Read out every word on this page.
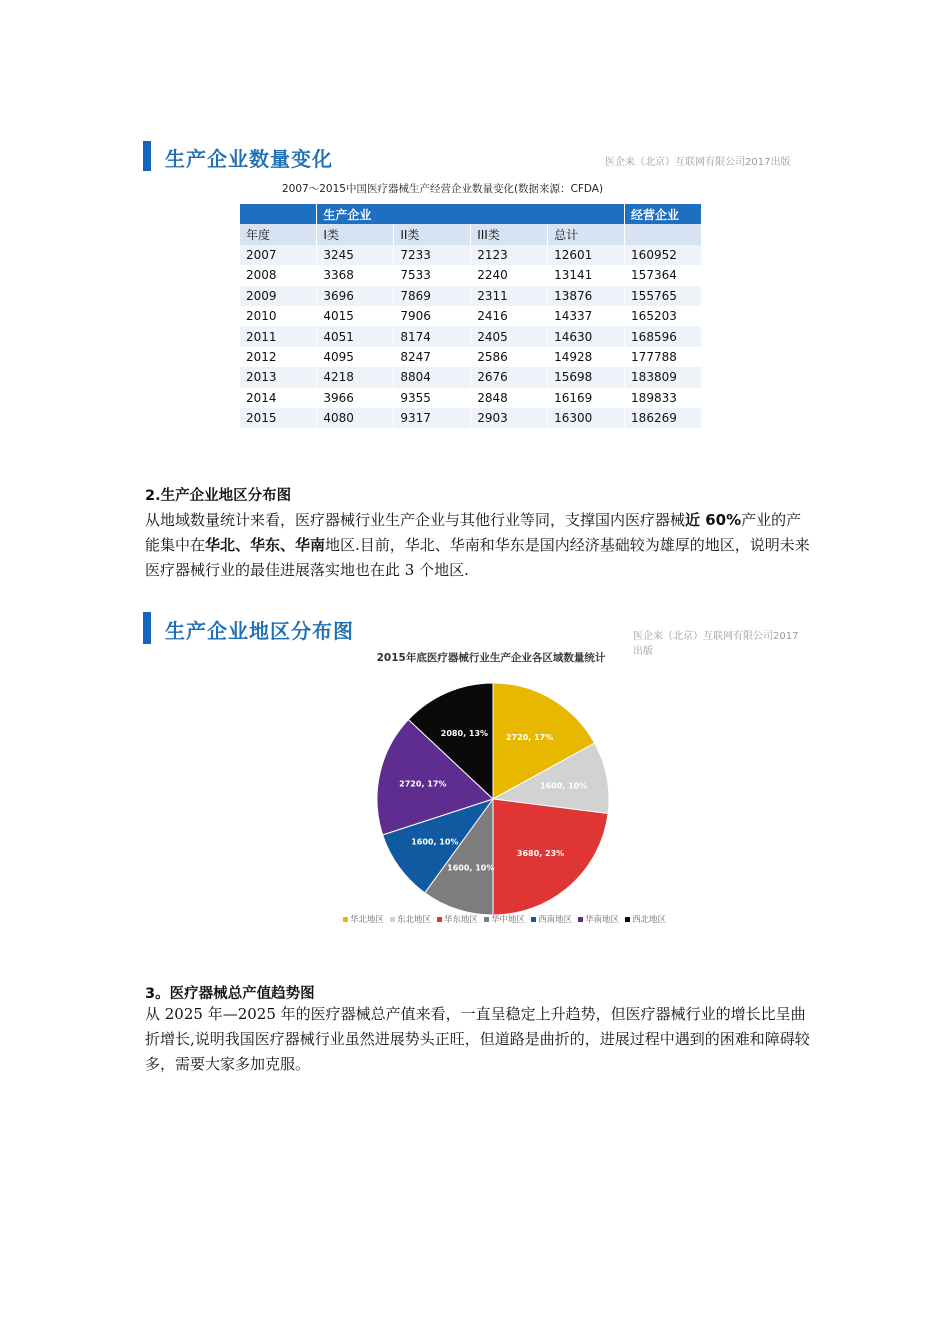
生产企业数量变化	医企来（北京）互联网有限公司2017出版
2007～2015中国医疗器械生产经营企业数量变化(数据来源：CFDA)
	生产企业				经营企业
年度	I类	II类	III类	总计	
2007	3245	7233	2123	12601	160952
2008	3368	7533	2240	13141	157364
2009	3696	7869	2311	13876	155765
2010	4015	7906	2416	14337	165203
2011	4051	8174	2405	14630	168596
2012	4095	8247	2586	14928	177788
2013	4218	8804	2676	15698	183809
2014	3966	9355	2848	16169	189833
2015	4080	9317	2903	16300	186269
2.生产企业地区分布图
从地域数量统计来看，医疗器械行业生产企业与其他行业等同，支撑国内医疗器械近 60%产业的产能集中在华北、华东、华南地区.目前，华北、华南和华东是国内经济基础较为雄厚的地区，说明未来医疗器械行业的最佳进展落实地也在此 3 个地区.
生产企业地区分布图	医企来（北京）互联网有限公司2017出版
2015年底医疗器械行业生产企业各区域数量统计
2720, 17%
1600, 10%
3680, 23%
1600, 10%
1600, 10%
2720, 17%
2080, 13%
华北地区 东北地区 华东地区 华中地区 西南地区 华南地区 西北地区
3。医疗器械总产值趋势图
从 2025 年—2025 年的医疗器械总产值来看，一直呈稳定上升趋势，但医疗器械行业的增长比呈曲折增长,说明我国医疗器械行业虽然进展势头正旺，但道路是曲折的，进展过程中遇到的困难和障碍较多，需要大家多加克服。
